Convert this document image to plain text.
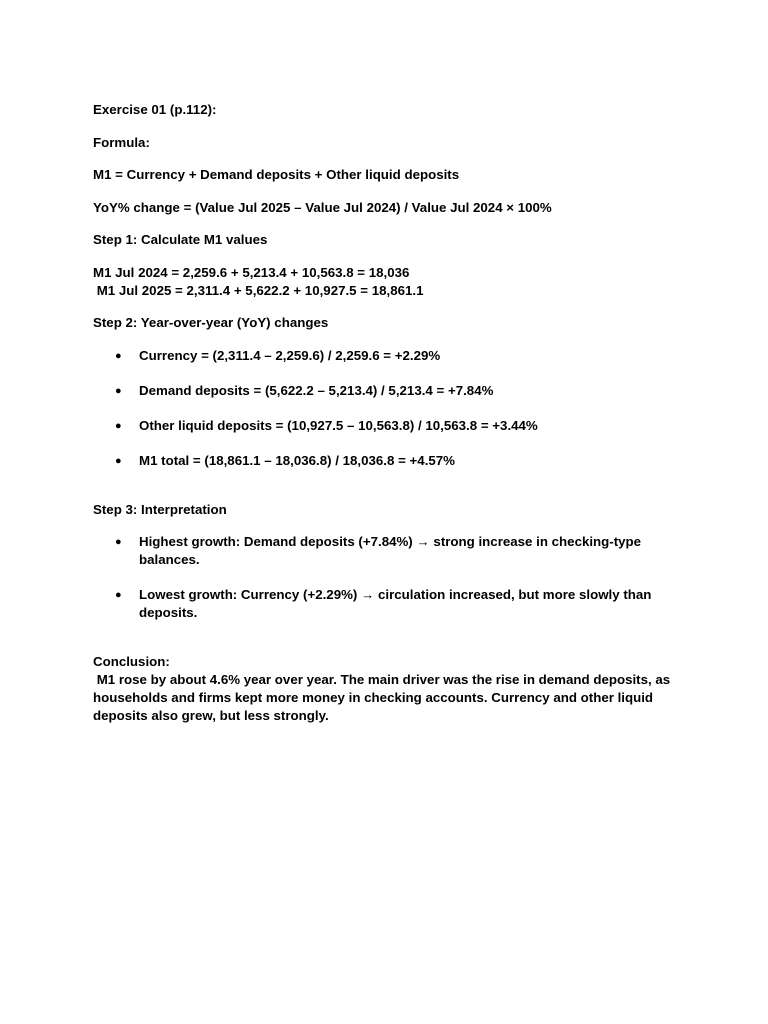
Exercise 01 (p.112):

Formula:

M1 = Currency + Demand deposits + Other liquid deposits

YoY% change = (Value Jul 2025 – Value Jul 2024) / Value Jul 2024 × 100%

Step 1: Calculate M1 values

M1 Jul 2024 = 2,259.6 + 5,213.4 + 10,563.8 = 18,036

M1 Jul 2025 = 2,311.4 + 5,622.2 + 10,927.5 = 18,861.1

Step 2: Year-over-year (YoY) changes

● Currency = (2,311.4 – 2,259.6) / 2,259.6 = +2.29%
● Demand deposits = (5,622.2 – 5,213.4) / 5,213.4 = +7.84%
● Other liquid deposits = (10,927.5 – 10,563.8) / 10,563.8 = +3.44%
● M1 total = (18,861.1 – 18,036.8) / 18,036.8 = +4.57%

Step 3: Interpretation

● Highest growth: Demand deposits (+7.84%) → strong increase in checking-type balances.
● Lowest growth: Currency (+2.29%) → circulation increased, but more slowly than deposits.

Conclusion:

M1 rose by about 4.6% year over year. The main driver was the rise in demand deposits, as households and firms kept more money in checking accounts. Currency and other liquid deposits also grew, but less strongly.
